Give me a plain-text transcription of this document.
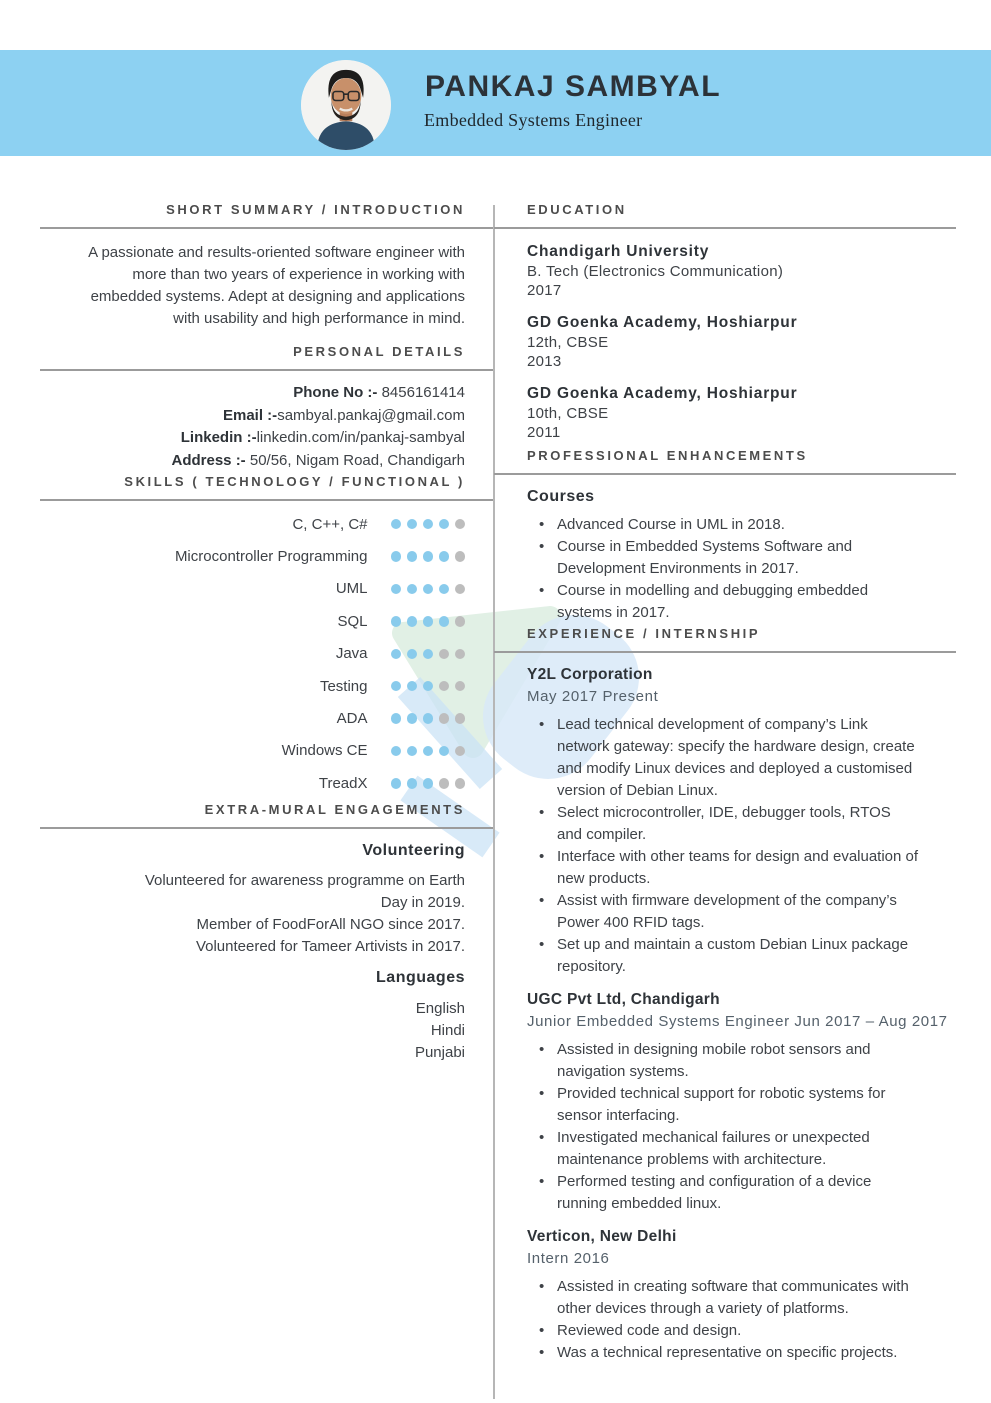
PANKAJ SAMBYAL
Embedded Systems Engineer
SHORT SUMMARY / INTRODUCTION

A passionate and results-oriented software engineer with more than two years of experience in working with embedded systems. Adept at designing and applications with usability and high performance in mind.

PERSONAL DETAILS
Phone No :- 8456161414
Email :-sambyal.pankaj@gmail.com
Linkedin :-linkedin.com/in/pankaj-sambyal
Address :- 50/56, Nigam Road, Chandigarh
SKILLS ( TECHNOLOGY / FUNCTIONAL )
C, C++, C#
Microcontroller Programming
UML
SQL
Java
Testing
ADA
Windows CE
TreadX
EXTRA-MURAL ENGAGEMENTS
Volunteering
Volunteered for awareness programme on Earth Day in 2019.
Member of FoodForAll NGO since 2017.
Volunteered for Tameer Artivists in 2017.
Languages
English
Hindi
Punjabi
EDUCATION
Chandigarh University
B. Tech (Electronics Communication)
2017
GD Goenka Academy, Hoshiarpur
12th, CBSE
2013
GD Goenka Academy, Hoshiarpur
10th, CBSE
2011
PROFESSIONAL ENHANCEMENTS
Courses
• Advanced Course in UML in 2018.
• Course in Embedded Systems Software and Development Environments in 2017.
• Course in modelling and debugging embedded systems in 2017.
EXPERIENCE / INTERNSHIP
Y2L Corporation
May 2017 Present
• Lead technical development of company’s Link network gateway: specify the hardware design, create and modify Linux devices and deployed a customised version of Debian Linux.
• Select microcontroller, IDE, debugger tools, RTOS and compiler.
• Interface with other teams for design and evaluation of new products.
• Assist with firmware development of the company’s Power 400 RFID tags.
• Set up and maintain a custom Debian Linux package repository.
UGC Pvt Ltd, Chandigarh
Junior Embedded Systems Engineer Jun 2017 – Aug 2017
• Assisted in designing mobile robot sensors and navigation systems.
• Provided technical support for robotic systems for sensor interfacing.
• Investigated mechanical failures or unexpected maintenance problems with architecture.
• Performed testing and configuration of a device running embedded linux.
Verticon, New Delhi
Intern 2016
• Assisted in creating software that communicates with other devices through a variety of platforms.
• Reviewed code and design.
• Was a technical representative on specific projects.
